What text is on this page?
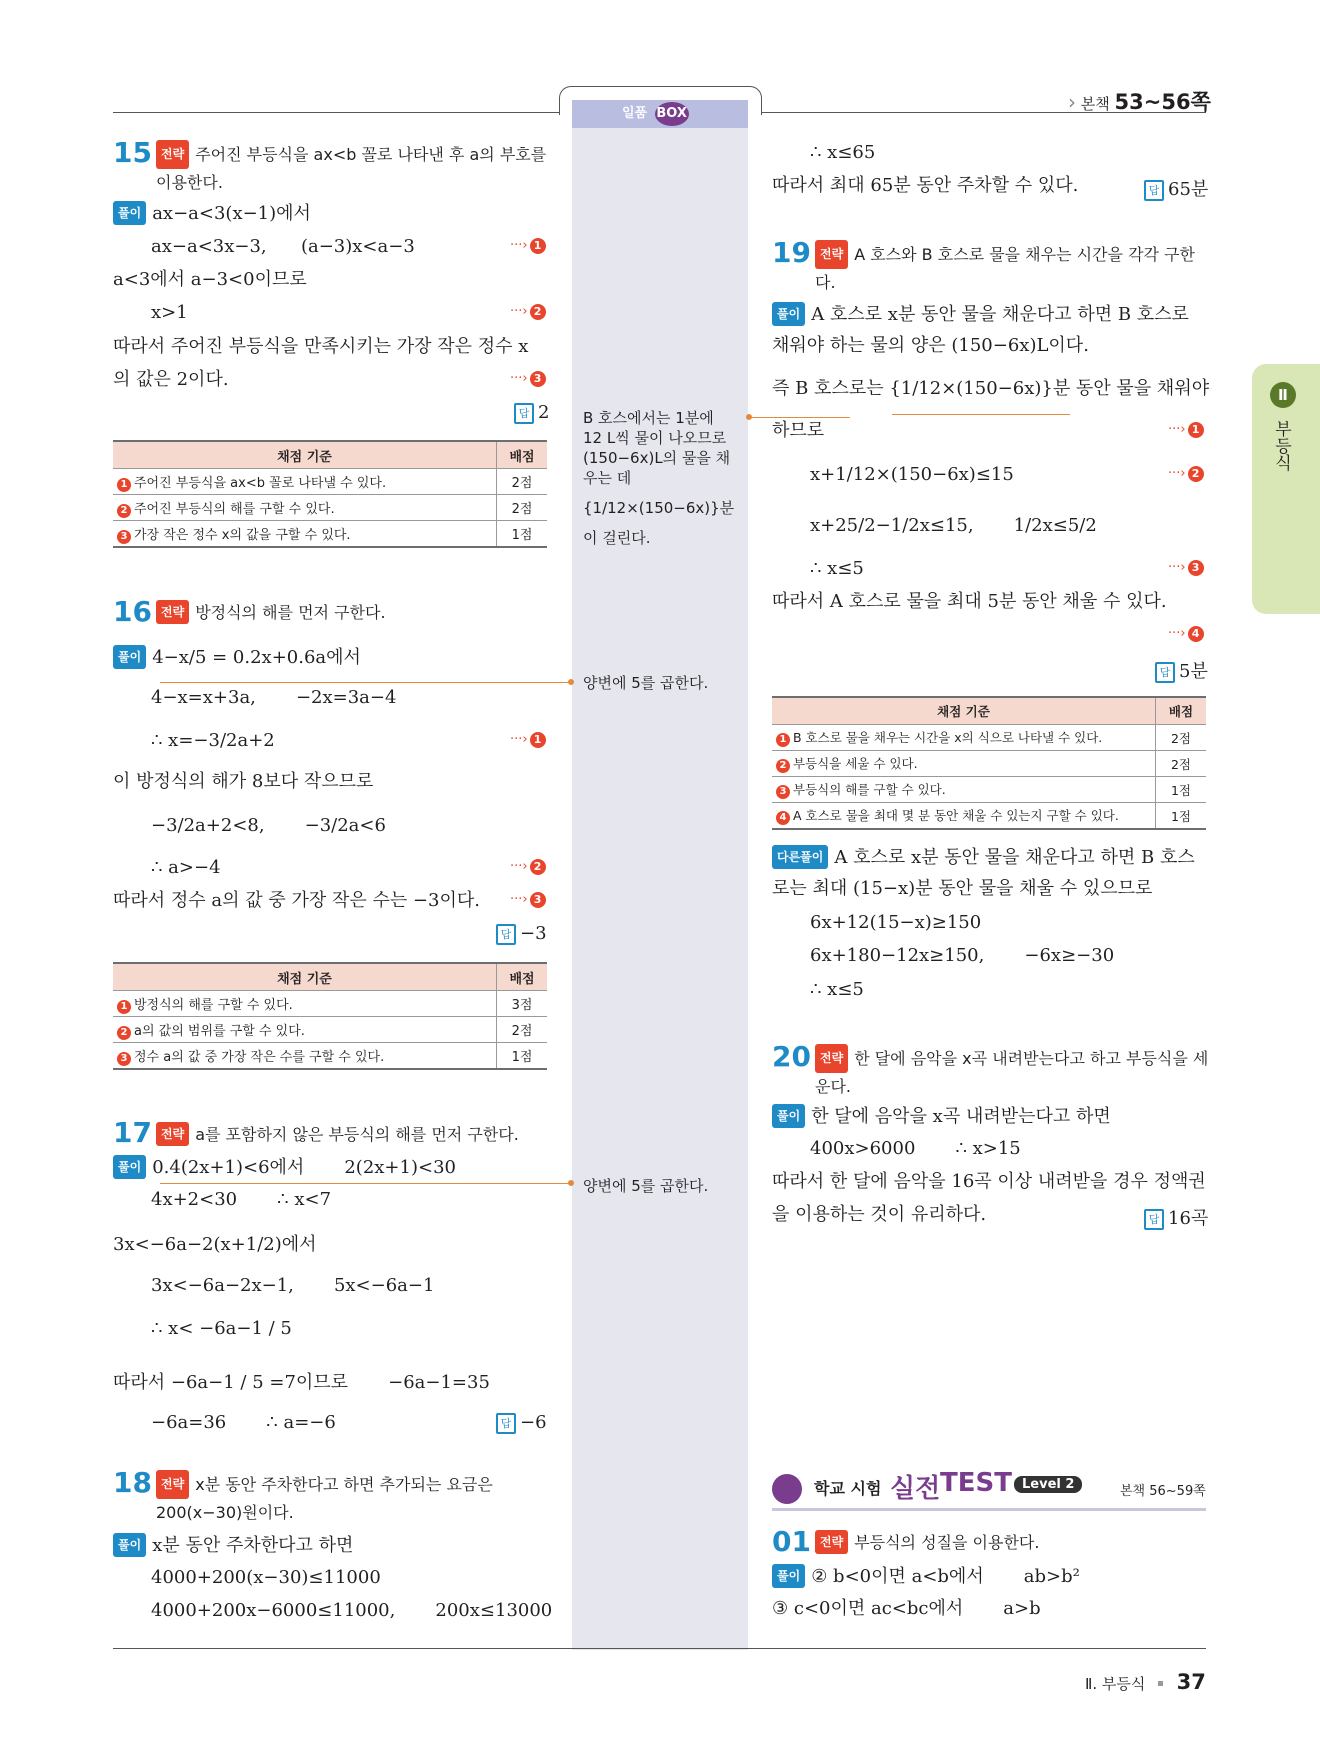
일품 BOX	› 본책 53~56쪽
Ⅱ
부등식
15 전략 주어진 부등식을 ax<b 꼴로 나타낸 후 a의 부호를 이용한다.
풀이 ax−a<3(x−1)에서
ax−a<3x−3,      (a−3)x<a−3	···› 1
a<3에서 a−3<0이므로
x>1	···› 2
따라서 주어진 부등식을 만족시키는 가장 작은 정수 x
의 값은 2이다.	···› 3
답 2
채점 기준	배점
1 주어진 부등식을 ax<b 꼴로 나타낼 수 있다.	2점
2 주어진 부등식의 해를 구할 수 있다.	2점
3 가장 작은 정수 x의 값을 구할 수 있다.	1점
16 전략 방정식의 해를 먼저 구한다.
풀이 4−x/5 = 0.2x+0.6a에서
4−x=x+3a,       −2x=3a−4
∴ x=−3/2a+2	···› 1
이 방정식의 해가 8보다 작으므로
−3/2a+2<8,       −3/2a<6
∴ a>−4	···› 2
따라서 정수 a의 값 중 가장 작은 수는 −3이다. ···› 3
답 −3
채점 기준	배점
1 방정식의 해를 구할 수 있다.	3점
2 a의 값의 범위를 구할 수 있다.	2점
3 정수 a의 값 중 가장 작은 수를 구할 수 있다.	1점
17 전략 a를 포함하지 않은 부등식의 해를 먼저 구한다.
풀이 0.4(2x+1)<6에서       2(2x+1)<30
4x+2<30       ∴ x<7
3x<−6a−2(x+1/2)에서
3x<−6a−2x−1,       5x<−6a−1
∴ x< −6a−1 / 5
따라서 −6a−1 / 5 =7이므로       −6a−1=35
−6a=36       ∴ a=−6	답 −6
18 전략 x분 동안 주차한다고 하면 추가되는 요금은 200(x−30)원이다.
풀이 x분 동안 주차한다고 하면
4000+200(x−30)≤11000
4000+200x−6000≤11000,       200x≤13000
∴ x≤65
따라서 최대 65분 동안 주차할 수 있다.	답 65분
B 호스에서는 1분에
12 L씩 물이 나오므로
(150−6x)L의 물을 채
우는 데
{1/12×(150−6x)}분
이 걸린다.
양변에 5를 곱한다.
양변에 5를 곱한다.
19 전략 A 호스와 B 호스로 물을 채우는 시간을 각각 구한다.
풀이 A 호스로 x분 동안 물을 채운다고 하면 B 호스로
채워야 하는 물의 양은 (150−6x)L이다.
즉 B 호스로는 {1/12×(150−6x)}분 동안 물을 채워야
하므로	···› 1
x+1/12×(150−6x)≤15	···› 2
x+25/2−1/2x≤15,       1/2x≤5/2
∴ x≤5	···› 3
따라서 A 호스로 물을 최대 5분 동안 채울 수 있다.
···› 4
답 5분
채점 기준	배점
1 B 호스로 물을 채우는 시간을 x의 식으로 나타낼 수 있다.	2점
2 부등식을 세울 수 있다.	2점
3 부등식의 해를 구할 수 있다.	1점
4 A 호스로 물을 최대 몇 분 동안 채울 수 있는지 구할 수 있다.	1점
다른풀이 A 호스로 x분 동안 물을 채운다고 하면 B 호스
로는 최대 (15−x)분 동안 물을 채울 수 있으므로
6x+12(15−x)≥150
6x+180−12x≥150,       −6x≥−30
∴ x≤5
20 전략 한 달에 음악을 x곡 내려받는다고 하고 부등식을 세운다.
풀이 한 달에 음악을 x곡 내려받는다고 하면
400x>6000       ∴ x>15
따라서 한 달에 음악을 16곡 이상 내려받을 경우 정액권
을 이용하는 것이 유리하다.	답 16곡
학교 시험 실전 TEST Level 2	본책 56~59쪽
01 전략 부등식의 성질을 이용한다.
풀이 ② b<0이면 a<b에서       ab>b²
③ c<0이면 ac<bc에서       a>b
Ⅱ. 부등식 37
